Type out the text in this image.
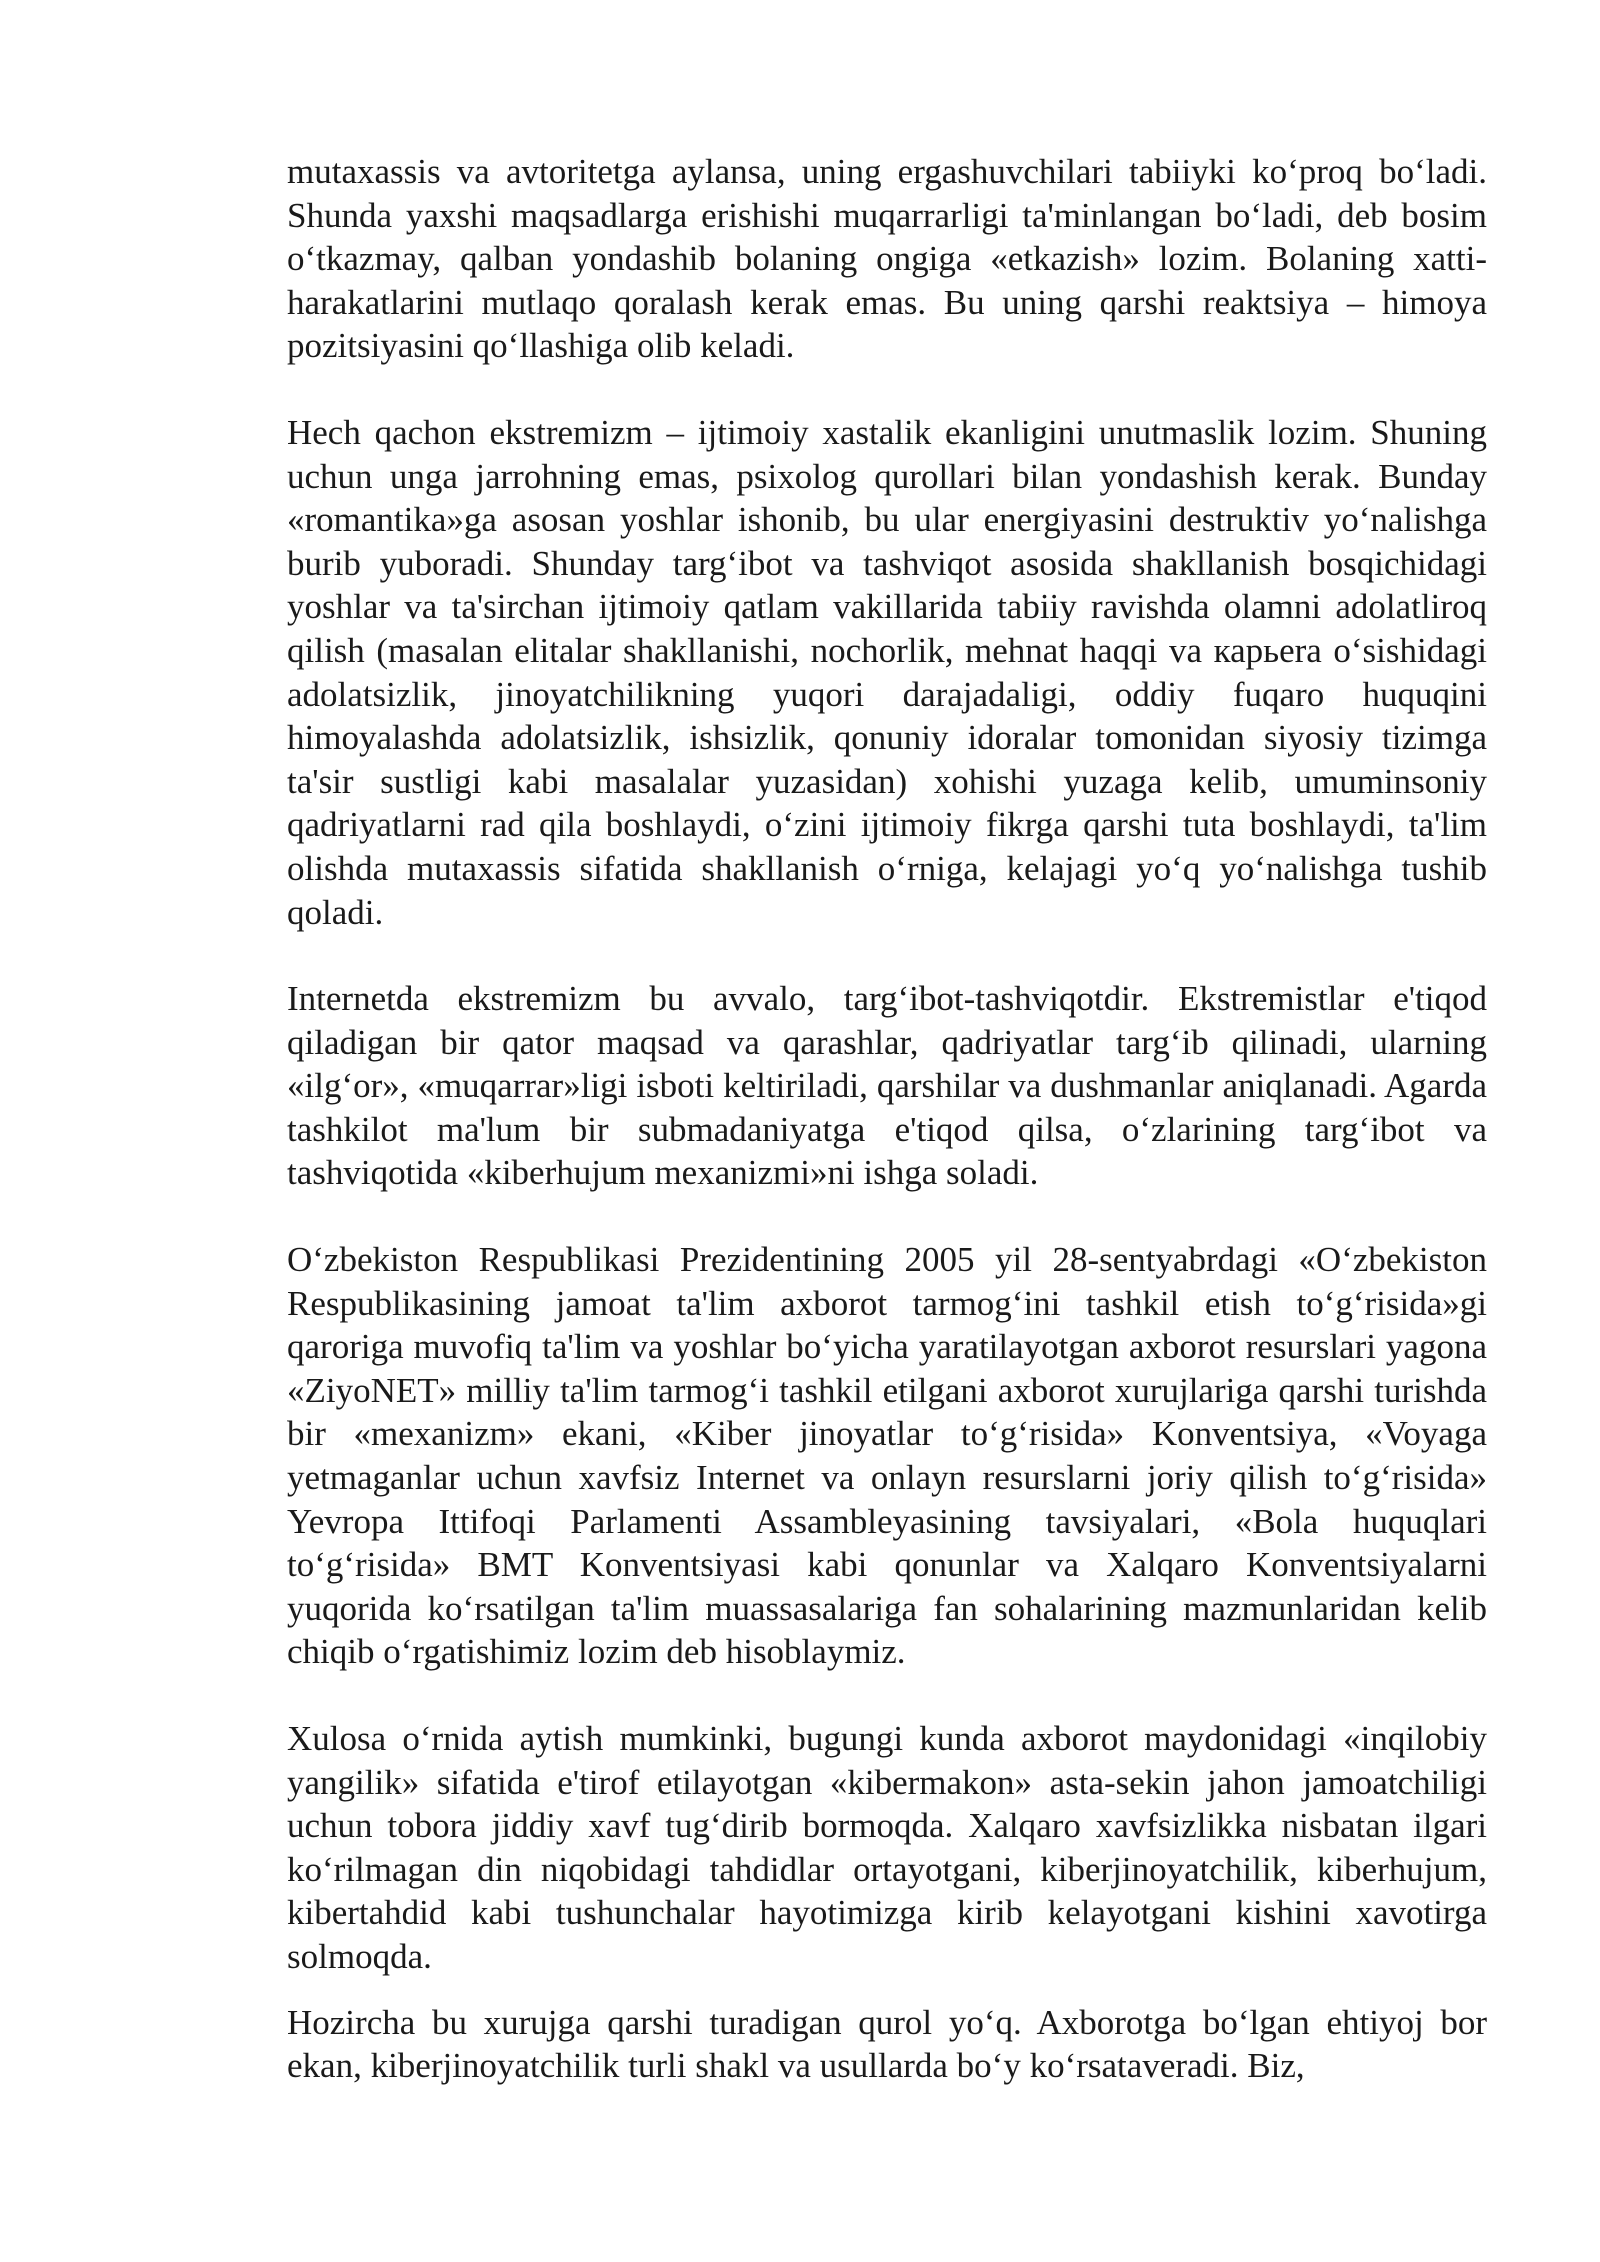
mutaxassis va avtoritetga aylansa, uning ergashuvchilari tabiiyki ko‘proq bo‘ladi. Shunda yaxshi maqsadlarga erishishi muqarrarligi ta'minlangan bo‘ladi, deb bosim o‘tkazmay, qalban yondashib bolaning ongiga «etkazish» lozim. Bolaning xatti-harakatlarini mutlaqo qoralash kerak emas. Bu uning qarshi reaktsiya – himoya pozitsiyasini qo‘llashiga olib keladi.

Hech qachon ekstremizm – ijtimoiy xastalik ekanligini unutmaslik lozim. Shuning uchun unga jarrohning emas, psixolog qurollari bilan yondashish kerak. Bunday «romantika»ga asosan yoshlar ishonib, bu ular energiyasini destruktiv yo‘nalishga burib yuboradi. Shunday targ‘ibot va tashviqot asosida shakllanish bosqichidagi yoshlar va ta'sirchan ijtimoiy qatlam vakillarida tabiiy ravishda olamni adolatliroq qilish (masalan elitalar shakllanishi, nochorlik, mehnat haqqi va карьera o‘sishidagi adolatsizlik, jinoyatchilikning yuqori darajadaligi, oddiy fuqaro huquqini himoyalashda adolatsizlik, ishsizlik, qonuniy idoralar tomonidan siyosiy tizimga ta'sir sustligi kabi masalalar yuzasidan) xohishi yuzaga kelib, umuminsoniy qadriyatlarni rad qila boshlaydi, o‘zini ijtimoiy fikrga qarshi tuta boshlaydi, ta'lim olishda mutaxassis sifatida shakllanish o‘rniga, kelajagi yo‘q yo‘nalishga tushib qoladi.

Internetda ekstremizm bu avvalo, targ‘ibot-tashviqotdir. Ekstremistlar e'tiqod qiladigan bir qator maqsad va qarashlar, qadriyatlar targ‘ib qilinadi, ularning «ilg‘or», «muqarrar»ligi isboti keltiriladi, qarshilar va dushmanlar aniqlanadi. Agarda tashkilot ma'lum bir submadaniyatga e'tiqod qilsa, o‘zlarining targ‘ibot va tashviqotida «kiberhujum mexanizmi»ni ishga soladi.

O‘zbekiston Respublikasi Prezidentining 2005 yil 28-sentyabrdagi «O‘zbekiston Respublikasining jamoat ta'lim axborot tarmog‘ini tashkil etish to‘g‘risida»gi qaroriga muvofiq ta'lim va yoshlar bo‘yicha yaratilayotgan axborot resurslari yagona «ZiyoNET» milliy ta'lim tarmog‘i tashkil etilgani axborot xurujlariga qarshi turishda bir «mexanizm» ekani, «Kiber jinoyatlar to‘g‘risida» Konventsiya, «Voyaga yetmaganlar uchun xavfsiz Internet va onlayn resurslarni joriy qilish to‘g‘risida» Yevropa Ittifoqi Parlamenti Assambleyasining tavsiyalari, «Bola huquqlari to‘g‘risida» BMT Konventsiyasi kabi qonunlar va Xalqaro Konventsiyalarni yuqorida ko‘rsatilgan ta'lim muassasalariga fan sohalarining mazmunlaridan kelib chiqib o‘rgatishimiz lozim deb hisoblaymiz.

Xulosa o‘rnida aytish mumkinki, bugungi kunda axborot maydonidagi «inqilobiy yangilik» sifatida e'tirof etilayotgan «kibermakon» asta-sekin jahon jamoatchiligi uchun tobora jiddiy xavf tug‘dirib bormoqda. Xalqaro xavfsizlikka nisbatan ilgari ko‘rilmagan din niqobidagi tahdidlar ortayotgani, kiberjinoyatchilik, kiberhujum, kibertahdid kabi tushunchalar hayotimizga kirib kelayotgani kishini xavotirga solmoqda.

Hozircha bu xurujga qarshi turadigan qurol yo‘q. Axborotga bo‘lgan ehtiyoj bor ekan, kiberjinoyatchilik turli shakl va usullarda bo‘y ko‘rsataveradi. Biz,
